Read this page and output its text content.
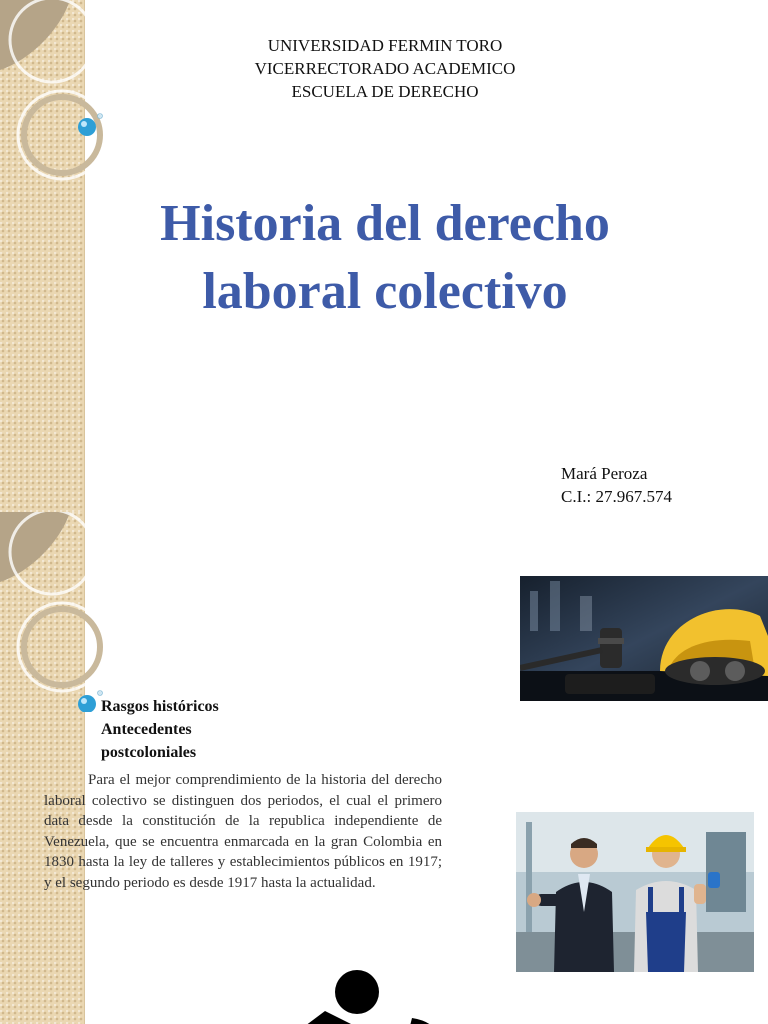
UNIVERSIDAD FERMIN TORO
VICERRECTORADO ACADEMICO
ESCUELA DE DERECHO
Historia del derecho
laboral colectivo
Mará Peroza
C.I.: 27.967.574
Rasgos históricos
Antecedentes
postcoloniales
Para el mejor comprendimiento de la historia del derecho laboral colectivo se distinguen dos periodos, el cual el primero data desde la constitución de la republica independiente de Venezuela, que se encuentra enmarcada en la gran Colombia en 1830 hasta la ley de talleres y establecimientos públicos en 1917; y el segundo periodo es desde 1917 hasta la actualidad.
